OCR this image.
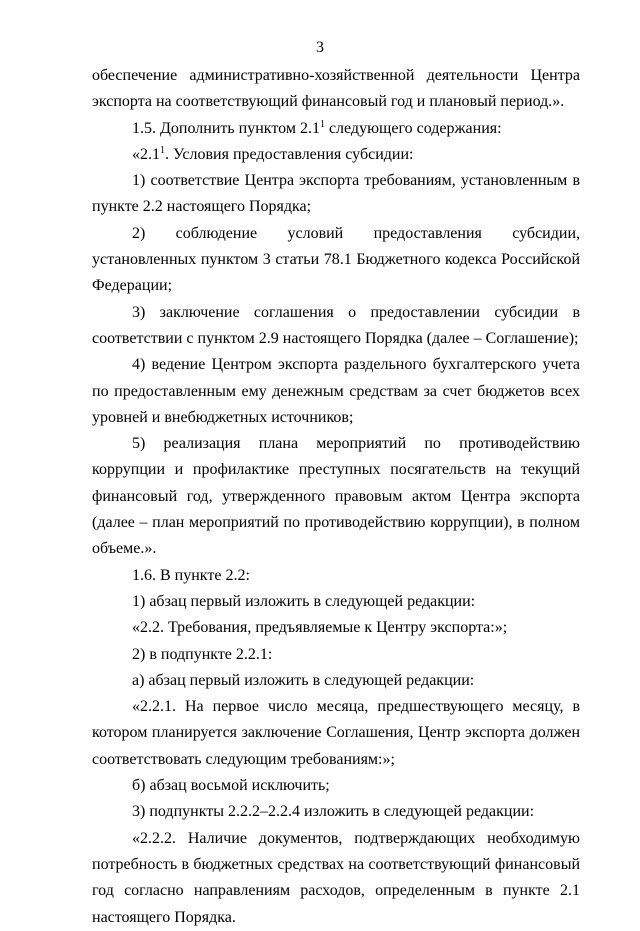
3

обеспечение административно-хозяйственной деятельности Центра экспорта на соответствующий финансовый год и плановый период.».

1.5. Дополнить пунктом $2.1^1$ следующего содержания:

«$2.1^1$. Условия предоставления субсидии:

1) соответствие Центра экспорта требованиям, установленным в пункте 2.2 настоящего Порядка;

2) соблюдение условий предоставления субсидии, установленных пунктом 3 статьи 78.1 Бюджетного кодекса Российской Федерации;

3) заключение соглашения о предоставлении субсидии в соответствии с пунктом 2.9 настоящего Порядка (далее – Соглашение);

4) ведение Центром экспорта раздельного бухгалтерского учета по предоставленным ему денежным средствам за счет бюджетов всех уровней и внебюджетных источников;

5) реализация плана мероприятий по противодействию коррупции и профилактике преступных посягательств на текущий финансовый год, утвержденного правовым актом Центра экспорта (далее – план мероприятий по противодействию коррупции), в полном объеме.».

1.6. В пункте 2.2:

1) абзац первый изложить в следующей редакции:

«2.2. Требования, предъявляемые к Центру экспорта:»;

2) в подпункте 2.2.1:

а) абзац первый изложить в следующей редакции:

«2.2.1. На первое число месяца, предшествующего месяцу, в котором планируется заключение Соглашения, Центр экспорта должен соответствовать следующим требованиям:»;

б) абзац восьмой исключить;

3) подпункты 2.2.2–2.2.4 изложить в следующей редакции:

«2.2.2. Наличие документов, подтверждающих необходимую потребность в бюджетных средствах на соответствующий финансовый год согласно направлениям расходов, определенным в пункте 2.1 настоящего Порядка.
